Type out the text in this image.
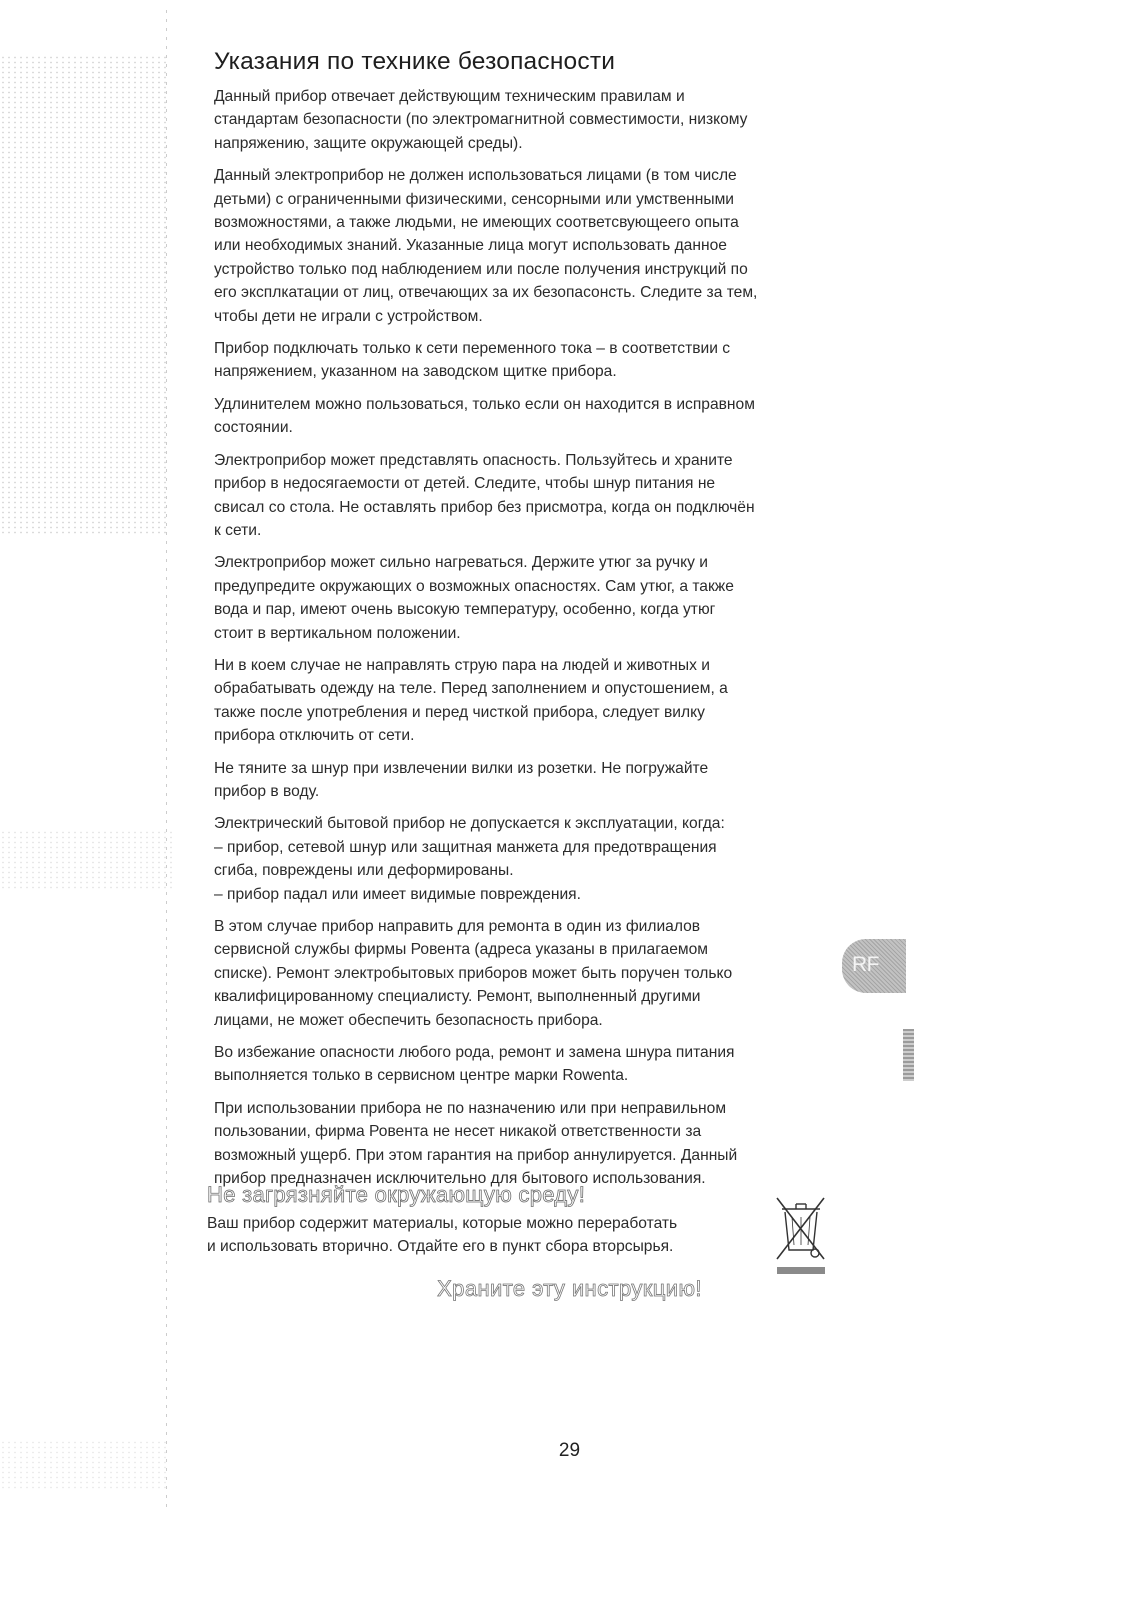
Указания по технике безопасности

Данный прибор отвечает действующим техническим правилам и
стандартам безопасности (по электромагнитной совместимости, низкому
напряжению, защите окружающей среды).

Данный электроприбор не должен использоваться лицами (в том числе
детьми) с ограниченными физическими, сенсорными или умственными
возможностями, а также людьми, не имеющих соответсвующеего опыта
или необходимых знаний. Указанные лица могут использовать данное
устройство только под наблюдением или после получения инструкций по
его эксплкатации от лиц, отвечающих за их безопасонсть. Следите за тем,
чтобы дети не играли с устройством.

Прибор подключать только к сети переменного тока – в соответствии с
напряжением, указанном на заводском щитке прибора.

Удлинителем можно пользоваться, только если он находится в исправном
состоянии.

Электроприбор может представлять опасность. Пользуйтесь и храните
прибор в недосягаемости от детей. Следите, чтобы шнур питания не
свисал со стола. Не оставлять прибор без присмотра, когда он подключён
к сети.

Электроприбор может сильно нагреваться. Держите утюг за ручку и
предупредите окружающих о возможных опасностях. Сам утюг, а также
вода и пар, имеют очень высокую температуру, особенно, когда утюг
стоит в вертикальном положении.

Ни в коем случае не направлять струю пара на людей и животных и
обрабатывать одежду на теле. Перед заполнением и опустошением, а
также после употребления и перед чисткой прибора, следует вилку
прибора отключить от сети.

Не тяните за шнур при извлечении вилки из розетки. Не погружайте
прибор в воду.

Электрический бытовой прибор не допускается к эксплуатации, когда:
– прибор, сетевой шнур или защитная манжета для предотвращения
сгиба, повреждены или деформированы.
– прибор падал или имеет видимые повреждения.

В этом случае прибор направить для ремонта в один из филиалов
сервисной службы фирмы Ровента (адреса указаны в прилагаемом
списке). Ремонт электробытовых приборов может быть поручен только
квалифицированному специалисту. Ремонт, выполненный другими
лицами, не может обеспечить безопасность прибора.

Во избежание опасности любого рода, ремонт и замена шнура питания
выполняется только в сервисном центре марки Rowenta.

При использовании прибора не по назначению или при неправильном
пользовании, фирма Ровента не несет никакой ответственности за
возможный ущерб. При этом гарантия на прибор аннулируется. Данный
прибор предназначен исключительно для бытового использования.

Не загрязняйте окружающую среду!
Ваш прибор содержит материалы, которые можно переработать
и использовать вторично. Отдайте его в пункт сбора вторсырья.
Храните эту инструкцию!
RF
29
